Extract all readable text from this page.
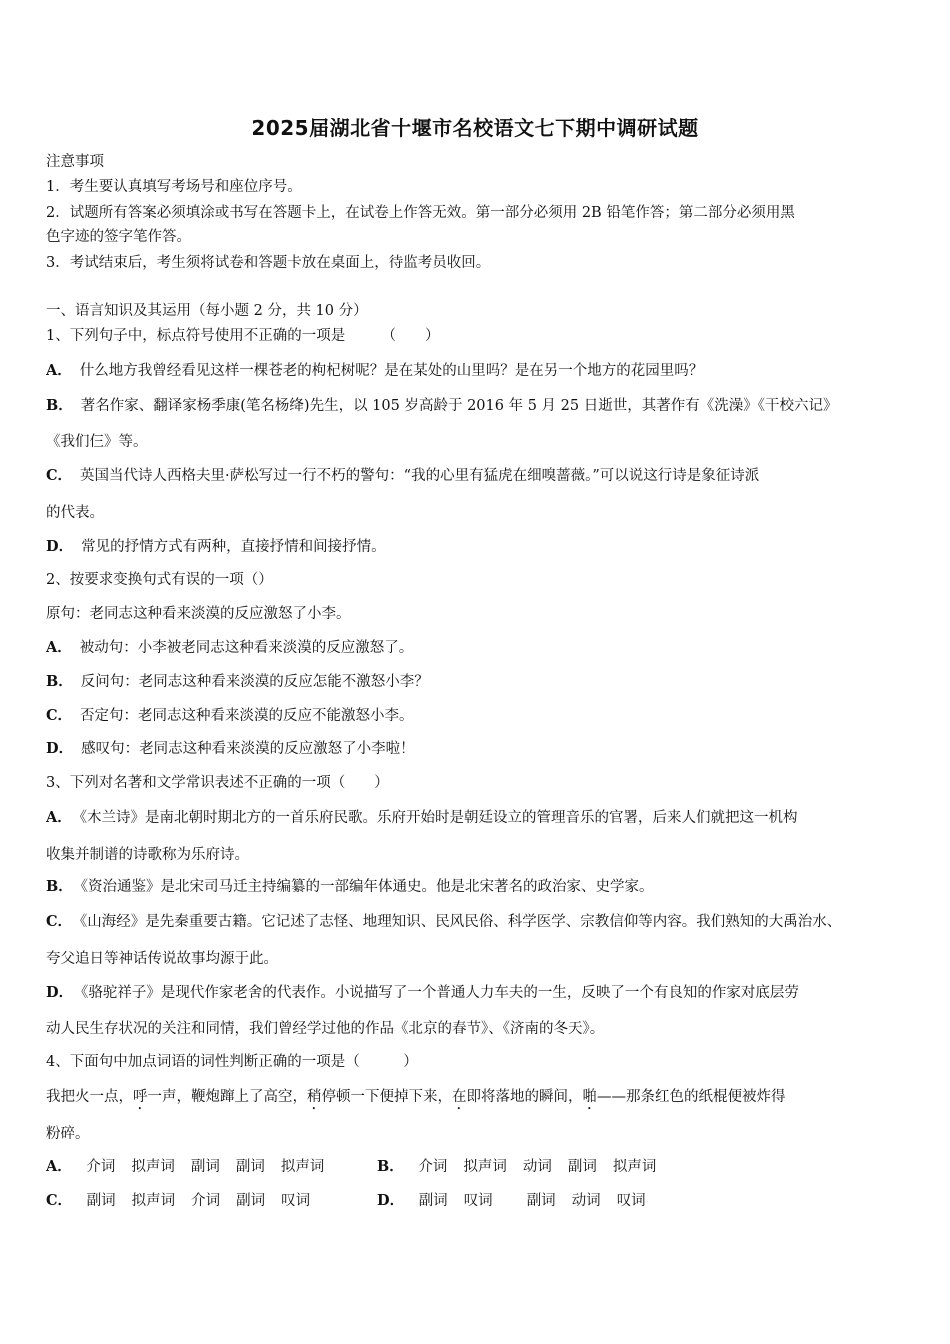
2025届湖北省十堰市名校语文七下期中调研试题
注意事项
1．考生要认真填写考场号和座位序号。
2．试题所有答案必须填涂或书写在答题卡上，在试卷上作答无效。第一部分必须用 2B 铅笔作答；第二部分必须用黑
色字迹的签字笔作答。
3．考试结束后，考生须将试卷和答题卡放在桌面上，待监考员收回。
一、语言知识及其运用（每小题 2 分，共 10 分）
1、下列句子中，标点符号使用不正确的一项是　　　（　　）
A． 什么地方我曾经看见这样一棵苍老的枸杞树呢？是在某处的山里吗？是在另一个地方的花园里吗？
B． 著名作家、翻译家杨季康(笔名杨绛)先生，以 105 岁高龄于 2016 年 5 月 25 日逝世，其著作有《洗澡》《干校六记》
《我们仨》等。
C． 英国当代诗人西格夫里·萨松写过一行不朽的警句：“我的心里有猛虎在细嗅蔷薇。”可以说这行诗是象征诗派
的代表。
D． 常见的抒情方式有两种，直接抒情和间接抒情。
2、按要求变换句式有误的一项（）
原句：老同志这种看来淡漠的反应激怒了小李。
A． 被动句：小李被老同志这种看来淡漠的反应激怒了。
B． 反问句：老同志这种看来淡漠的反应怎能不激怒小李？
C． 否定句：老同志这种看来淡漠的反应不能激怒小李。
D． 感叹句：老同志这种看来淡漠的反应激怒了小李啦！
3、下列对名著和文学常识表述不正确的一项（　　）
A． 《木兰诗》是南北朝时期北方的一首乐府民歌。乐府开始时是朝廷设立的管理音乐的官署，后来人们就把这一机构
收集并制谱的诗歌称为乐府诗。
B． 《资治通鉴》是北宋司马迁主持编纂的一部编年体通史。他是北宋著名的政治家、史学家。
C． 《山海经》是先秦重要古籍。它记述了志怪、地理知识、民风民俗、科学医学、宗教信仰等内容。我们熟知的大禹治水、
夸父追日等神话传说故事均源于此。
D． 《骆驼祥子》是现代作家老舍的代表作。小说描写了一个普通人力车夫的一生，反映了一个有良知的作家对底层劳
动人民生存状况的关注和同情，我们曾经学过他的作品《北京的春节》、《济南的冬天》。
4、下面句中加点词语的词性判断正确的一项是（　　　）
我把火一点，呼一声，鞭炮蹿上了高空，稍停顿一下便掉下来，在即将落地的瞬间，啪——那条红色的纸棍便被炸得
粉碎。
A． 介词 拟声词 副词 副词 拟声词	B． 介词 拟声词 动词 副词 拟声词
C． 副词 拟声词 介词 副词 叹词	D． 副词 叹词 副词 动词 叹词
